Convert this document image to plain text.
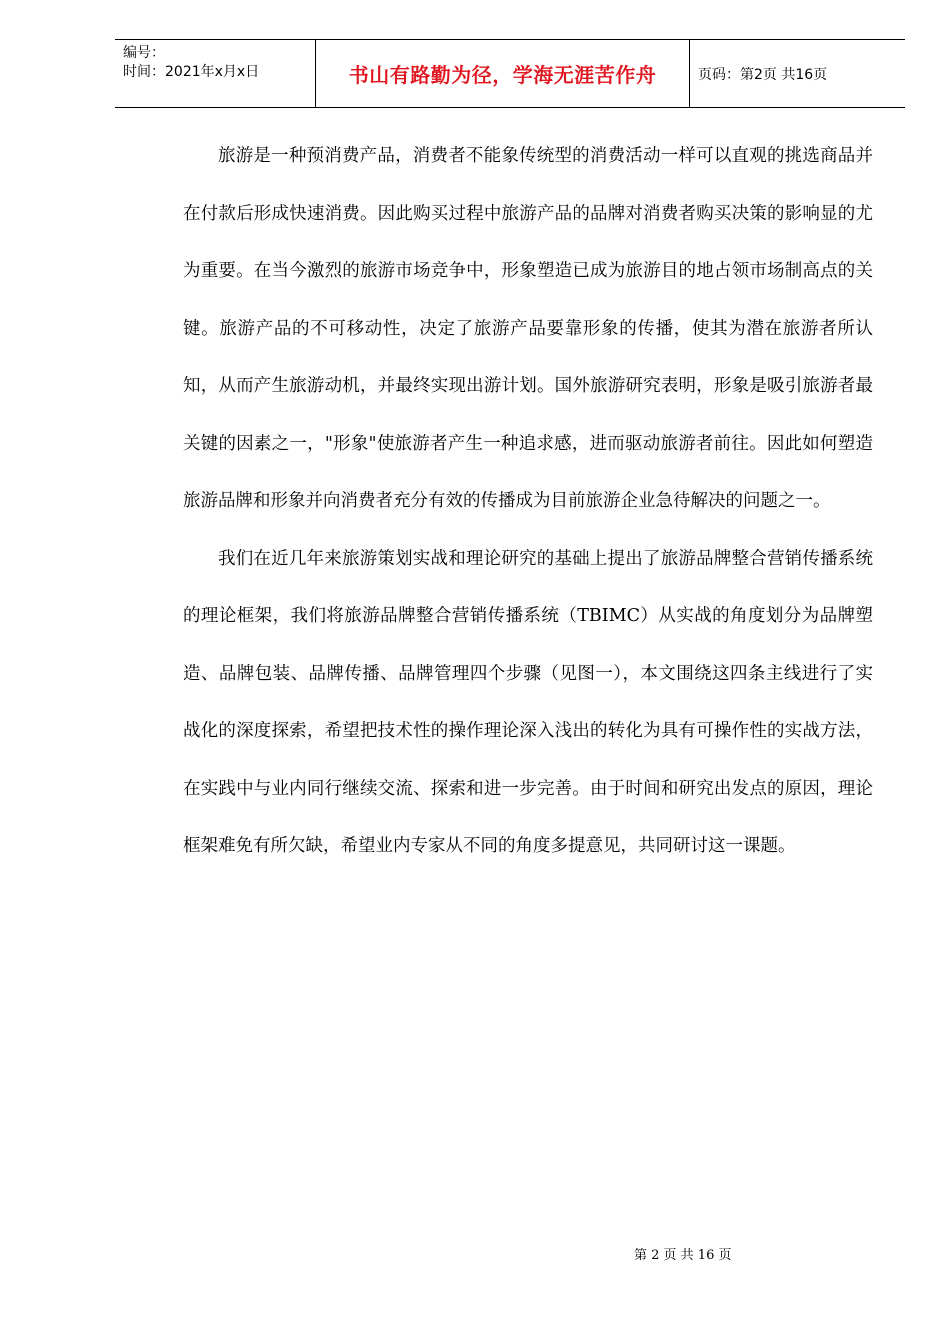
编号：
时间：2021年x月x日	书山有路勤为径，学海无涯苦作舟	页码：第2页 共16页

旅游是一种预消费产品，消费者不能象传统型的消费活动一样可以直观的挑选商品并在付款后形成快速消费。因此购买过程中旅游产品的品牌对消费者购买决策的影响显的尤为重要。在当今激烈的旅游市场竞争中，形象塑造已成为旅游目的地占领市场制高点的关键。旅游产品的不可移动性，决定了旅游产品要靠形象的传播，使其为潜在旅游者所认知，从而产生旅游动机，并最终实现出游计划。国外旅游研究表明，形象是吸引旅游者最关键的因素之一，"形象"使旅游者产生一种追求感，进而驱动旅游者前往。因此如何塑造旅游品牌和形象并向消费者充分有效的传播成为目前旅游企业急待解决的问题之一。

我们在近几年来旅游策划实战和理论研究的基础上提出了旅游品牌整合营销传播系统的理论框架，我们将旅游品牌整合营销传播系统（TBIMC）从实战的角度划分为品牌塑造、品牌包装、品牌传播、品牌管理四个步骤（见图一），本文围绕这四条主线进行了实战化的深度探索，希望把技术性的操作理论深入浅出的转化为具有可操作性的实战方法，在实践中与业内同行继续交流、探索和进一步完善。由于时间和研究出发点的原因，理论框架难免有所欠缺，希望业内专家从不同的角度多提意见，共同研讨这一课题。

第 2 页 共 16 页
